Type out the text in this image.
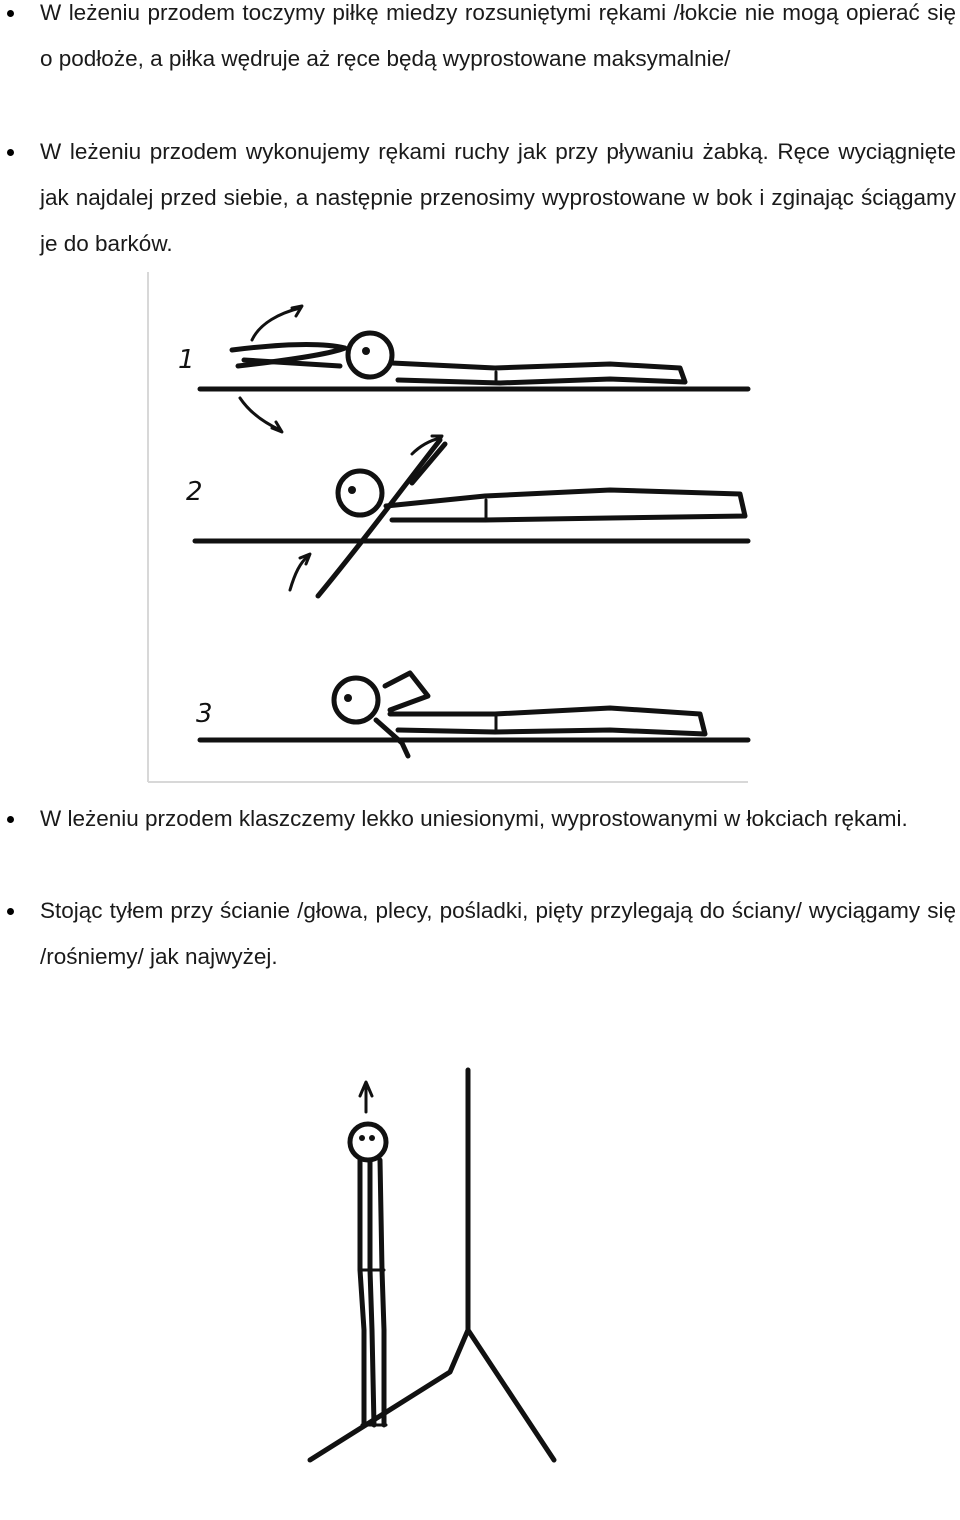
W leżeniu przodem toczymy piłkę miedzy rozsuniętymi rękami /łokcie nie mogą opierać się o podłoże, a piłka wędruje aż ręce będą wyprostowane maksymalnie/
W leżeniu przodem wykonujemy rękami ruchy jak przy pływaniu żabką. Ręce wyciągnięte jak najdalej przed siebie, a następnie przenosimy wyprostowane w bok i zginając ściągamy je do barków.
1
2
3
W leżeniu przodem klaszczemy lekko uniesionymi, wyprostowanymi w łokciach rękami.
Stojąc tyłem przy ścianie /głowa, plecy, pośladki, pięty przylegają do ściany/ wyciągamy się /rośniemy/ jak najwyżej.
